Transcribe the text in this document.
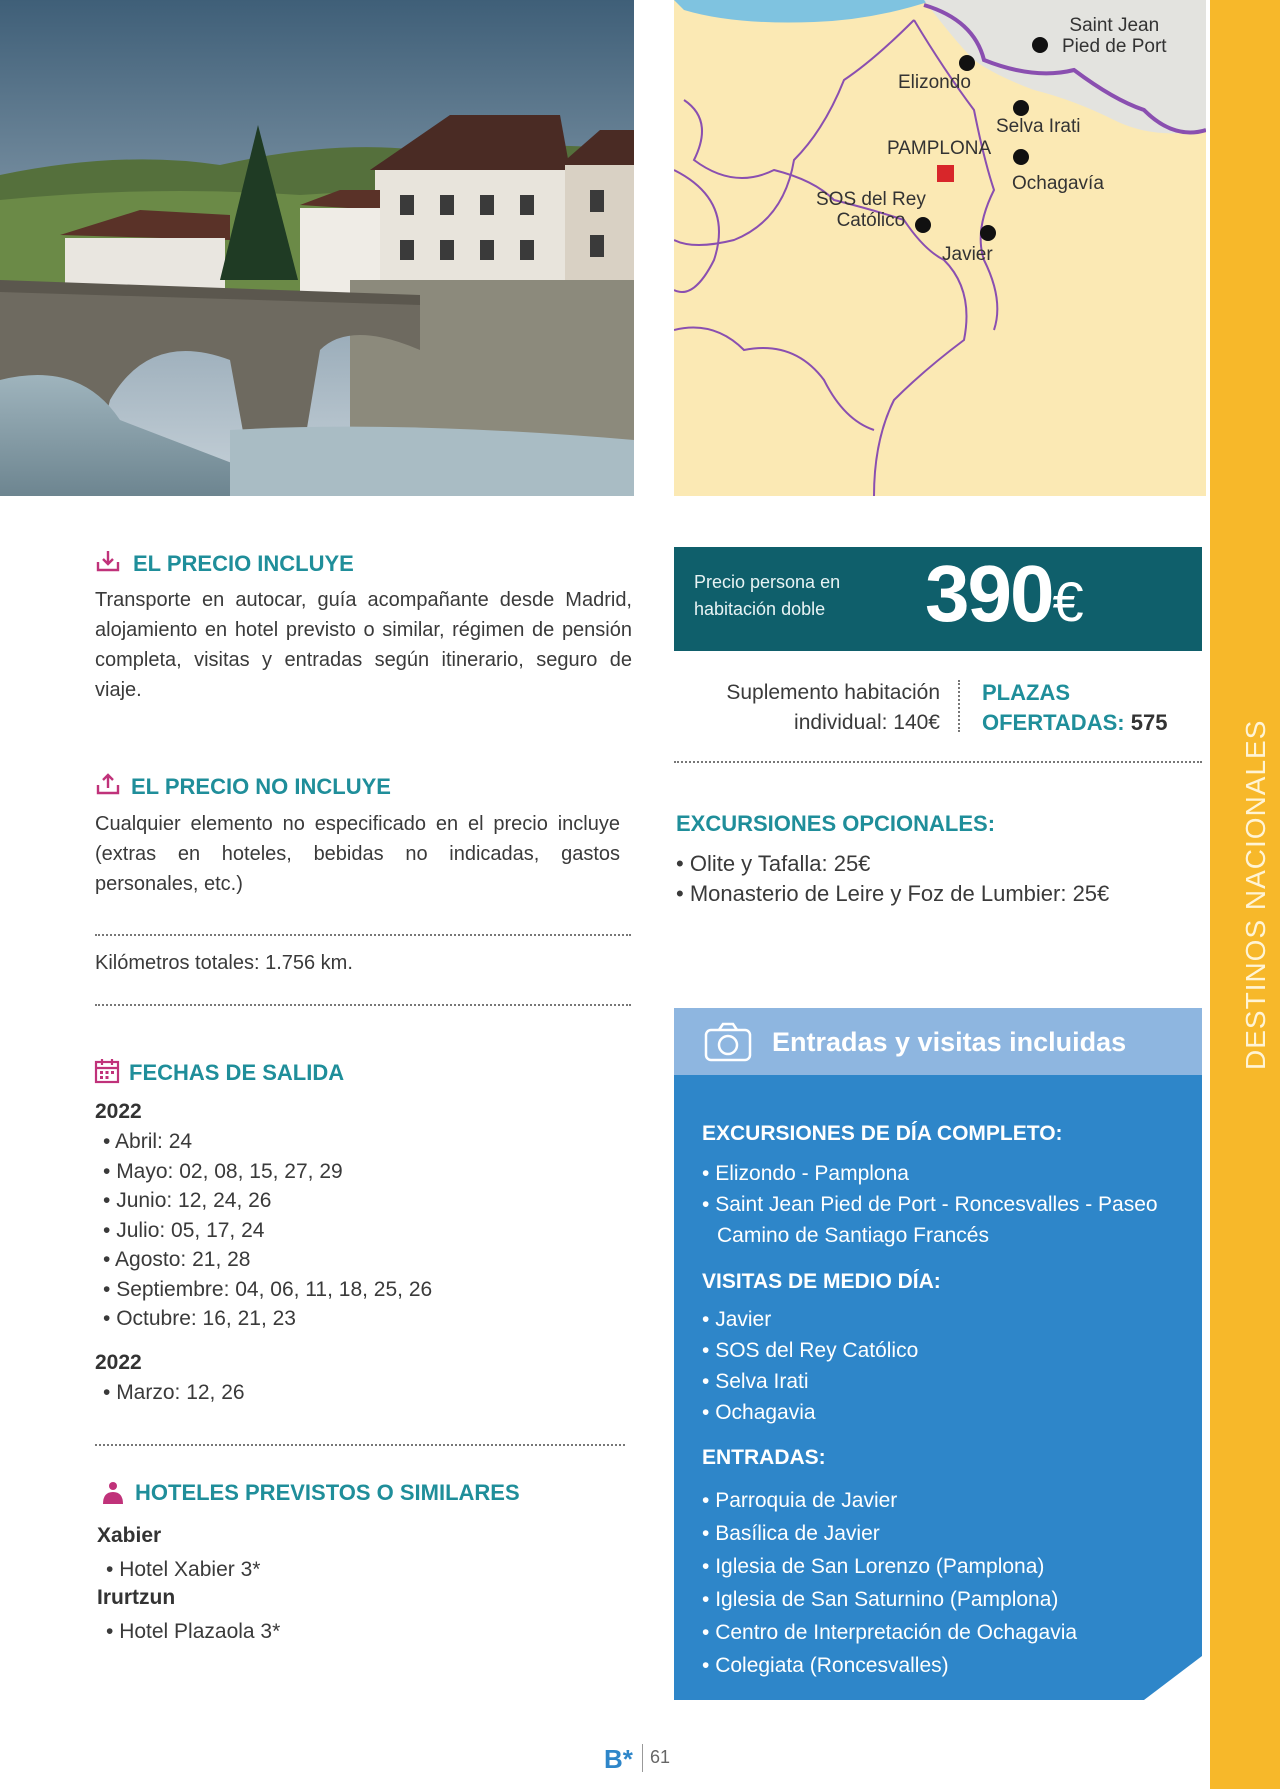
Saint Jean
Pied de Port
Elizondo
Selva Irati
PAMPLONA
Ochagavía
SOS del Rey
Católico
Javier
DESTINOS NACIONALES
EL PRECIO INCLUYE
Transporte en autocar, guía acompañante desde Madrid, alojamiento en hotel previsto o similar, régimen de pensión completa, visitas y entradas según itinerario, seguro de viaje.
EL PRECIO NO INCLUYE
Cualquier elemento no especificado en el precio incluye (extras en hoteles, bebidas no indicadas, gastos personales, etc.)
Kilómetros totales: 1.756 km.
FECHAS DE SALIDA
2022
• Abril: 24
• Mayo: 02, 08, 15, 27, 29
• Junio: 12, 24, 26
• Julio: 05, 17, 24
• Agosto: 21, 28
• Septiembre: 04, 06, 11, 18, 25, 26
• Octubre: 16, 21, 23
2022
• Marzo: 12, 26
HOTELES PREVISTOS O SIMILARES
Xabier
• Hotel Xabier 3*
Irurtzun
• Hotel Plazaola 3*
Precio persona en habitación doble	390€
Suplemento habitación individual: 140€
PLAZAS OFERTADAS: 575
EXCURSIONES OPCIONALES:
• Olite y Tafalla: 25€
• Monasterio de Leire y Foz de Lumbier: 25€
Entradas y visitas incluidas
EXCURSIONES DE DÍA COMPLETO:
• Elizondo - Pamplona
• Saint Jean Pied de Port - Roncesvalles - Paseo Camino de Santiago Francés
VISITAS DE MEDIO DÍA:
• Javier
• SOS del Rey Católico
• Selva Irati
• Ochagavia
ENTRADAS:
• Parroquia de Javier
• Basílica de Javier
• Iglesia de San Lorenzo (Pamplona)
• Iglesia de San Saturnino (Pamplona)
• Centro de Interpretación de Ochagavia
• Colegiata (Roncesvalles)
B* 61
